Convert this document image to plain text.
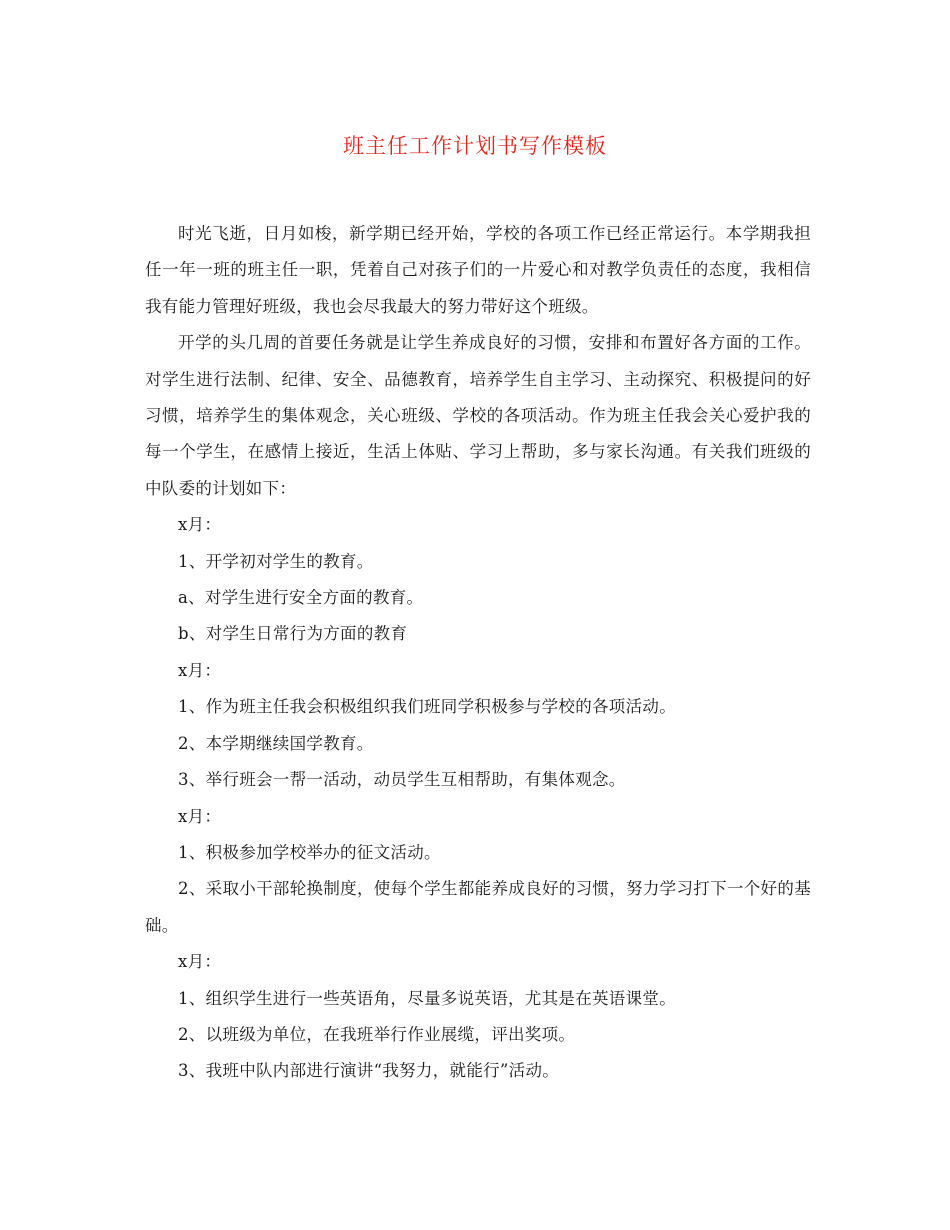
班主任工作计划书写作模板

时光飞逝，日月如梭，新学期已经开始，学校的各项工作已经正常运行。本学期我担任一年一班的班主任一职，凭着自己对孩子们的一片爱心和对教学负责任的态度，我相信我有能力管理好班级，我也会尽我最大的努力带好这个班级。

开学的头几周的首要任务就是让学生养成良好的习惯，安排和布置好各方面的工作。对学生进行法制、纪律、安全、品德教育，培养学生自主学习、主动探究、积极提问的好习惯，培养学生的集体观念，关心班级、学校的各项活动。作为班主任我会关心爱护我的每一个学生，在感情上接近，生活上体贴、学习上帮助，多与家长沟通。有关我们班级的中队委的计划如下：

x月：

1、开学初对学生的教育。

a、对学生进行安全方面的教育。

b、对学生日常行为方面的教育

x月：

1、作为班主任我会积极组织我们班同学积极参与学校的各项活动。

2、本学期继续国学教育。

3、举行班会一帮一活动，动员学生互相帮助，有集体观念。

x月：

1、积极参加学校举办的征文活动。

2、采取小干部轮换制度，使每个学生都能养成良好的习惯，努力学习打下一个好的基础。

x月：

1、组织学生进行一些英语角，尽量多说英语，尤其是在英语课堂。

2、以班级为单位，在我班举行作业展缆，评出奖项。

3、我班中队内部进行演讲“我努力，就能行”活动。
